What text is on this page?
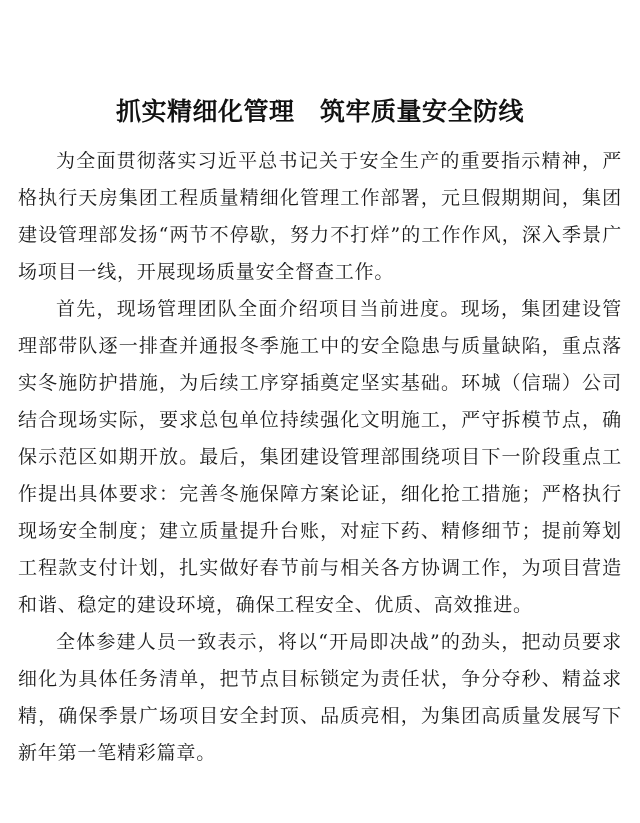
抓实精细化管理　筑牢质量安全防线

为全面贯彻落实习近平总书记关于安全生产的重要指示精神，严格执行天房集团工程质量精细化管理工作部署，元旦假期期间，集团建设管理部发扬“两节不停歇，努力不打烊”的工作作风，深入季景广场项目一线，开展现场质量安全督查工作。

首先，现场管理团队全面介绍项目当前进度。现场，集团建设管理部带队逐一排查并通报冬季施工中的安全隐患与质量缺陷，重点落实冬施防护措施，为后续工序穿插奠定坚实基础。环城（信瑞）公司结合现场实际，要求总包单位持续强化文明施工，严守拆模节点，确保示范区如期开放。最后，集团建设管理部围绕项目下一阶段重点工作提出具体要求：完善冬施保障方案论证，细化抢工措施；严格执行现场安全制度；建立质量提升台账，对症下药、精修细节；提前筹划工程款支付计划，扎实做好春节前与相关各方协调工作，为项目营造和谐、稳定的建设环境，确保工程安全、优质、高效推进。

全体参建人员一致表示，将以“开局即决战”的劲头，把动员要求细化为具体任务清单，把节点目标锁定为责任状，争分夺秒、精益求精，确保季景广场项目安全封顶、品质亮相，为集团高质量发展写下新年第一笔精彩篇章。
